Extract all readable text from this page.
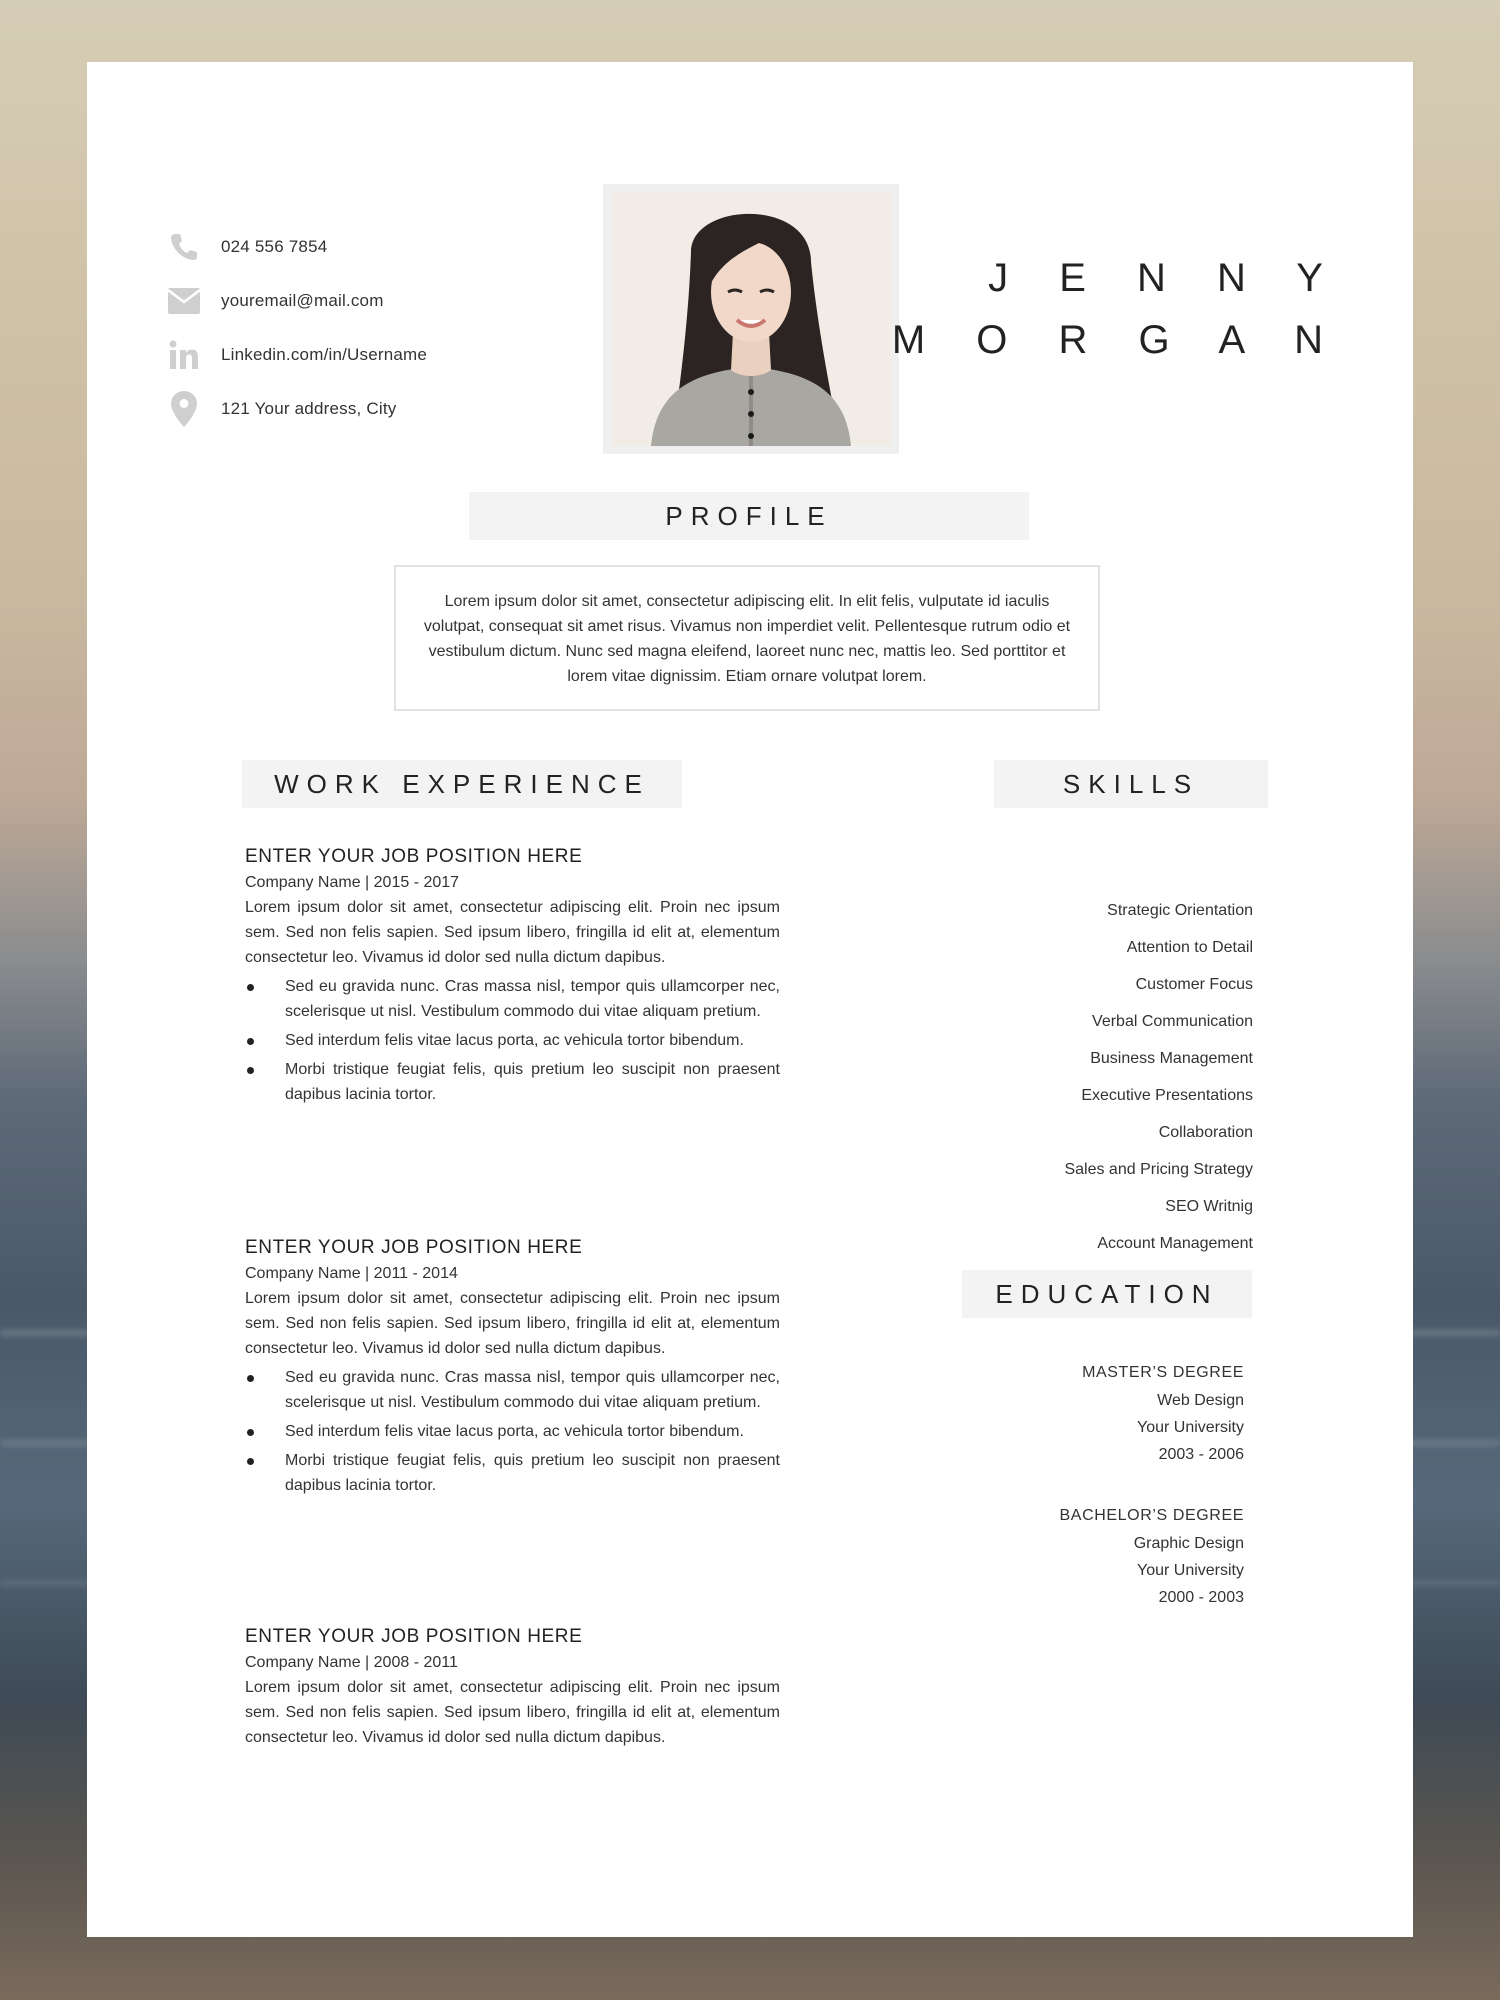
024 556 7854
youremail@mail.com
Linkedin.com/in/Username
121 Your address, City
J E N N Y
M O R G A N
PROFILE
Lorem ipsum dolor sit amet, consectetur adipiscing elit. In elit felis, vulputate id iaculis volutpat, consequat sit amet risus. Vivamus non imperdiet velit. Pellentesque rutrum odio et vestibulum dictum. Nunc sed magna eleifend, laoreet nunc nec, mattis leo. Sed porttitor et lorem vitae dignissim. Etiam ornare volutpat lorem.
WORK EXPERIENCE
ENTER YOUR JOB POSITION HERE
Company Name | 2015 - 2017

Lorem ipsum dolor sit amet, consectetur adipiscing elit. Proin nec ipsum sem. Sed non felis sapien. Sed ipsum libero, fringilla id elit at, elementum consectetur leo. Vivamus id dolor sed nulla dictum dapibus.

Sed eu gravida nunc. Cras massa nisl, tempor quis ullamcorper nec, scelerisque ut nisl. Vestibulum commodo dui vitae aliquam pretium.
Sed interdum felis vitae lacus porta, ac vehicula tortor bibendum.
Morbi tristique feugiat felis, quis pretium leo suscipit non praesent dapibus lacinia tortor.
ENTER YOUR JOB POSITION HERE
Company Name | 2011 - 2014

Lorem ipsum dolor sit amet, consectetur adipiscing elit. Proin nec ipsum sem. Sed non felis sapien. Sed ipsum libero, fringilla id elit at, elementum consectetur leo. Vivamus id dolor sed nulla dictum dapibus.

Sed eu gravida nunc. Cras massa nisl, tempor quis ullamcorper nec, scelerisque ut nisl. Vestibulum commodo dui vitae aliquam pretium.
Sed interdum felis vitae lacus porta, ac vehicula tortor bibendum.
Morbi tristique feugiat felis, quis pretium leo suscipit non praesent dapibus lacinia tortor.
ENTER YOUR JOB POSITION HERE
Company Name | 2008 - 2011

Lorem ipsum dolor sit amet, consectetur adipiscing elit. Proin nec ipsum sem. Sed non felis sapien. Sed ipsum libero, fringilla id elit at, elementum consectetur leo. Vivamus id dolor sed nulla dictum dapibus.

SKILLS
Strategic Orientation
Attention to Detail
Customer Focus
Verbal Communication
Business Management
Executive Presentations
Collaboration
Sales and Pricing Strategy
SEO Writnig
Account Management
EDUCATION
MASTER’S DEGREE
Web Design
Your University
2003 - 2006
BACHELOR’S DEGREE
Graphic Design
Your University
2000 - 2003
